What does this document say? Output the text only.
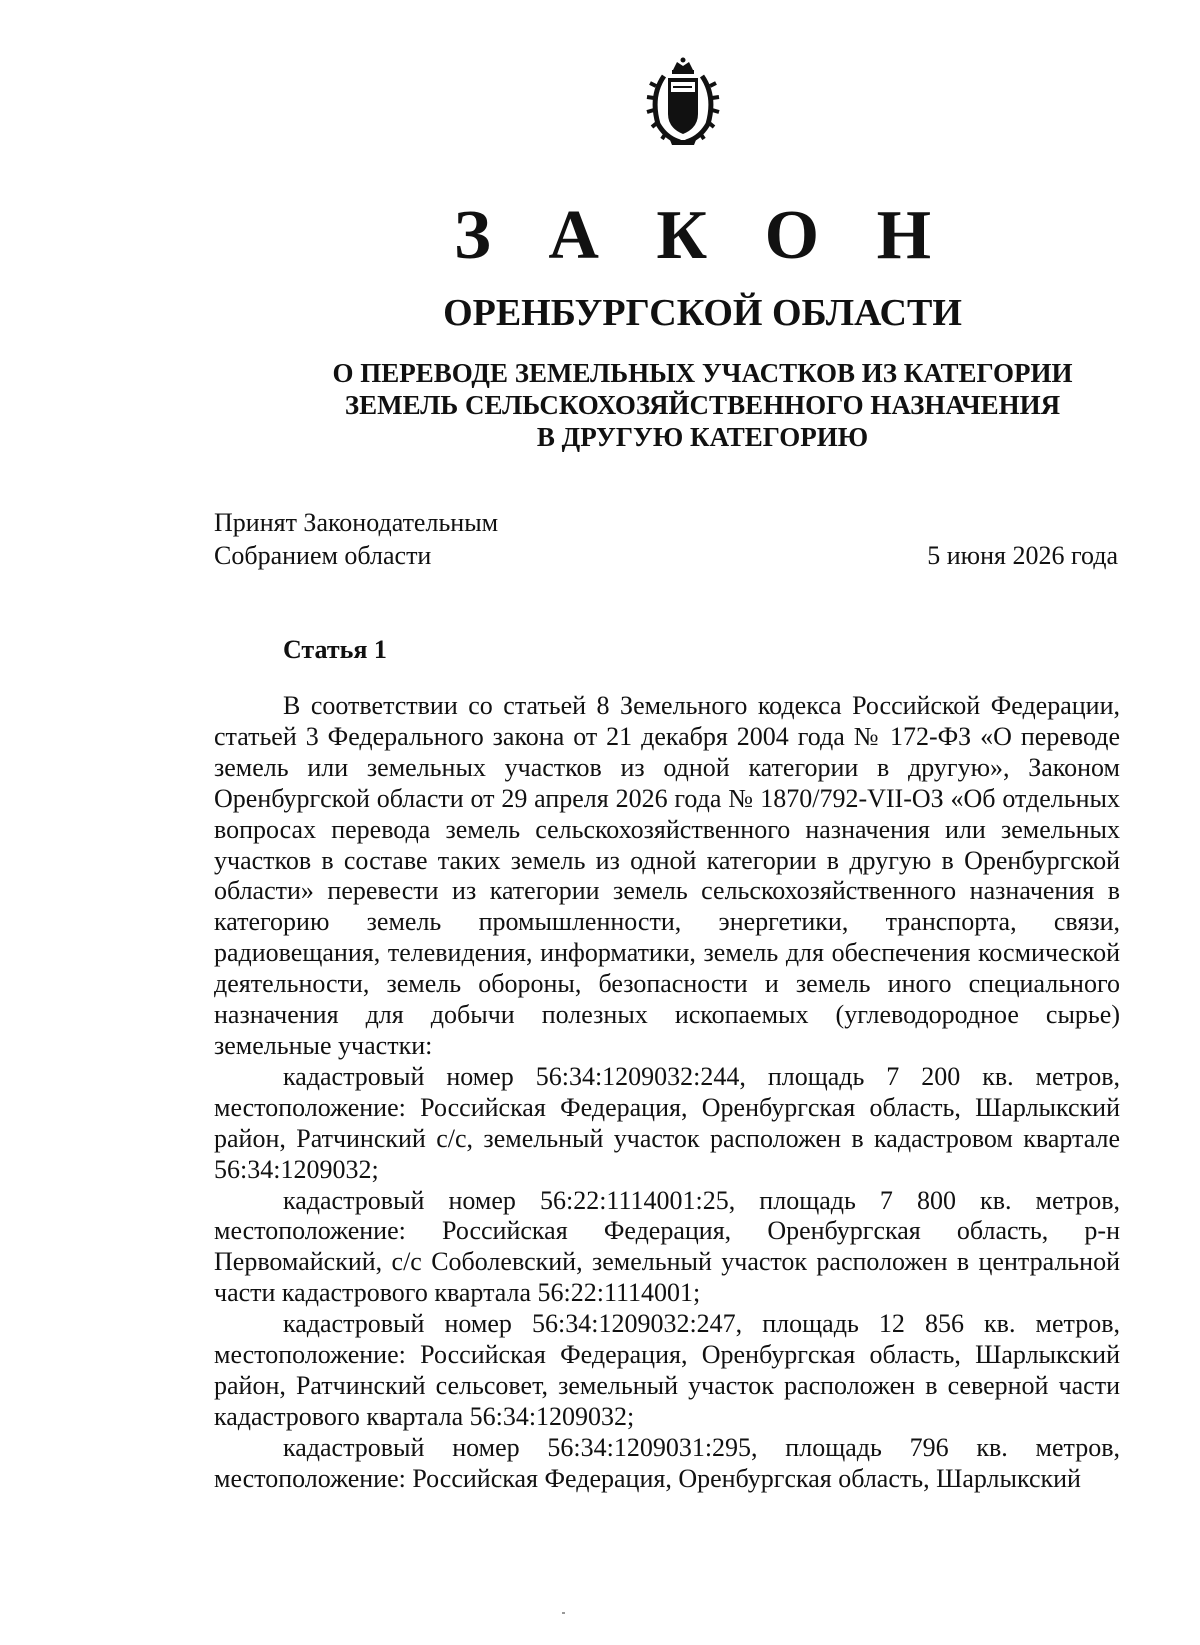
З А К О Н
ОРЕНБУРГСКОЙ ОБЛАСТИ
О ПЕРЕВОДЕ ЗЕМЕЛЬНЫХ УЧАСТКОВ ИЗ КАТЕГОРИИ
ЗЕМЕЛЬ СЕЛЬСКОХОЗЯЙСТВЕННОГО НАЗНАЧЕНИЯ
В ДРУГУЮ КАТЕГОРИЮ
Принят Законодательным
Собранием области	5 июня 2026 года
Статья 1

В соответствии со статьей 8 Земельного кодекса Российской Федерации, статьей 3 Федерального закона от 21 декабря 2004 года № 172-ФЗ «О переводе земель или земельных участков из одной категории в другую», Законом Оренбургской области от 29 апреля 2026 года № 1870/792-VII-ОЗ «Об отдельных вопросах перевода земель сельскохозяйственного назначения или земельных участков в составе таких земель из одной категории в другую в Оренбургской области» перевести из категории земель сельскохозяйственного назначения в категорию земель промышленности, энергетики, транспорта, связи, радиовещания, телевидения, информатики, земель для обеспечения космической деятельности, земель обороны, безопасности и земель иного специального назначения для добычи полезных ископаемых (углеводородное сырье) земельные участки:

кадастровый номер 56:34:1209032:244, площадь 7 200 кв. метров, местоположение: Российская Федерация, Оренбургская область, Шарлыкский район, Ратчинский с/с, земельный участок расположен в кадастровом квартале 56:34:1209032;

кадастровый номер 56:22:1114001:25, площадь 7 800 кв. метров, местоположение: Российская Федерация, Оренбургская область, р-н Первомайский, с/с Соболевский, земельный участок расположен в центральной части кадастрового квартала 56:22:1114001;

кадастровый номер 56:34:1209032:247, площадь 12 856 кв. метров, местоположение: Российская Федерация, Оренбургская область, Шарлыкский район, Ратчинский сельсовет, земельный участок расположен в северной части кадастрового квартала 56:34:1209032;

кадастровый номер 56:34:1209031:295, площадь 796 кв. метров, местоположение: Российская Федерация, Оренбургская область, Шарлыкский
